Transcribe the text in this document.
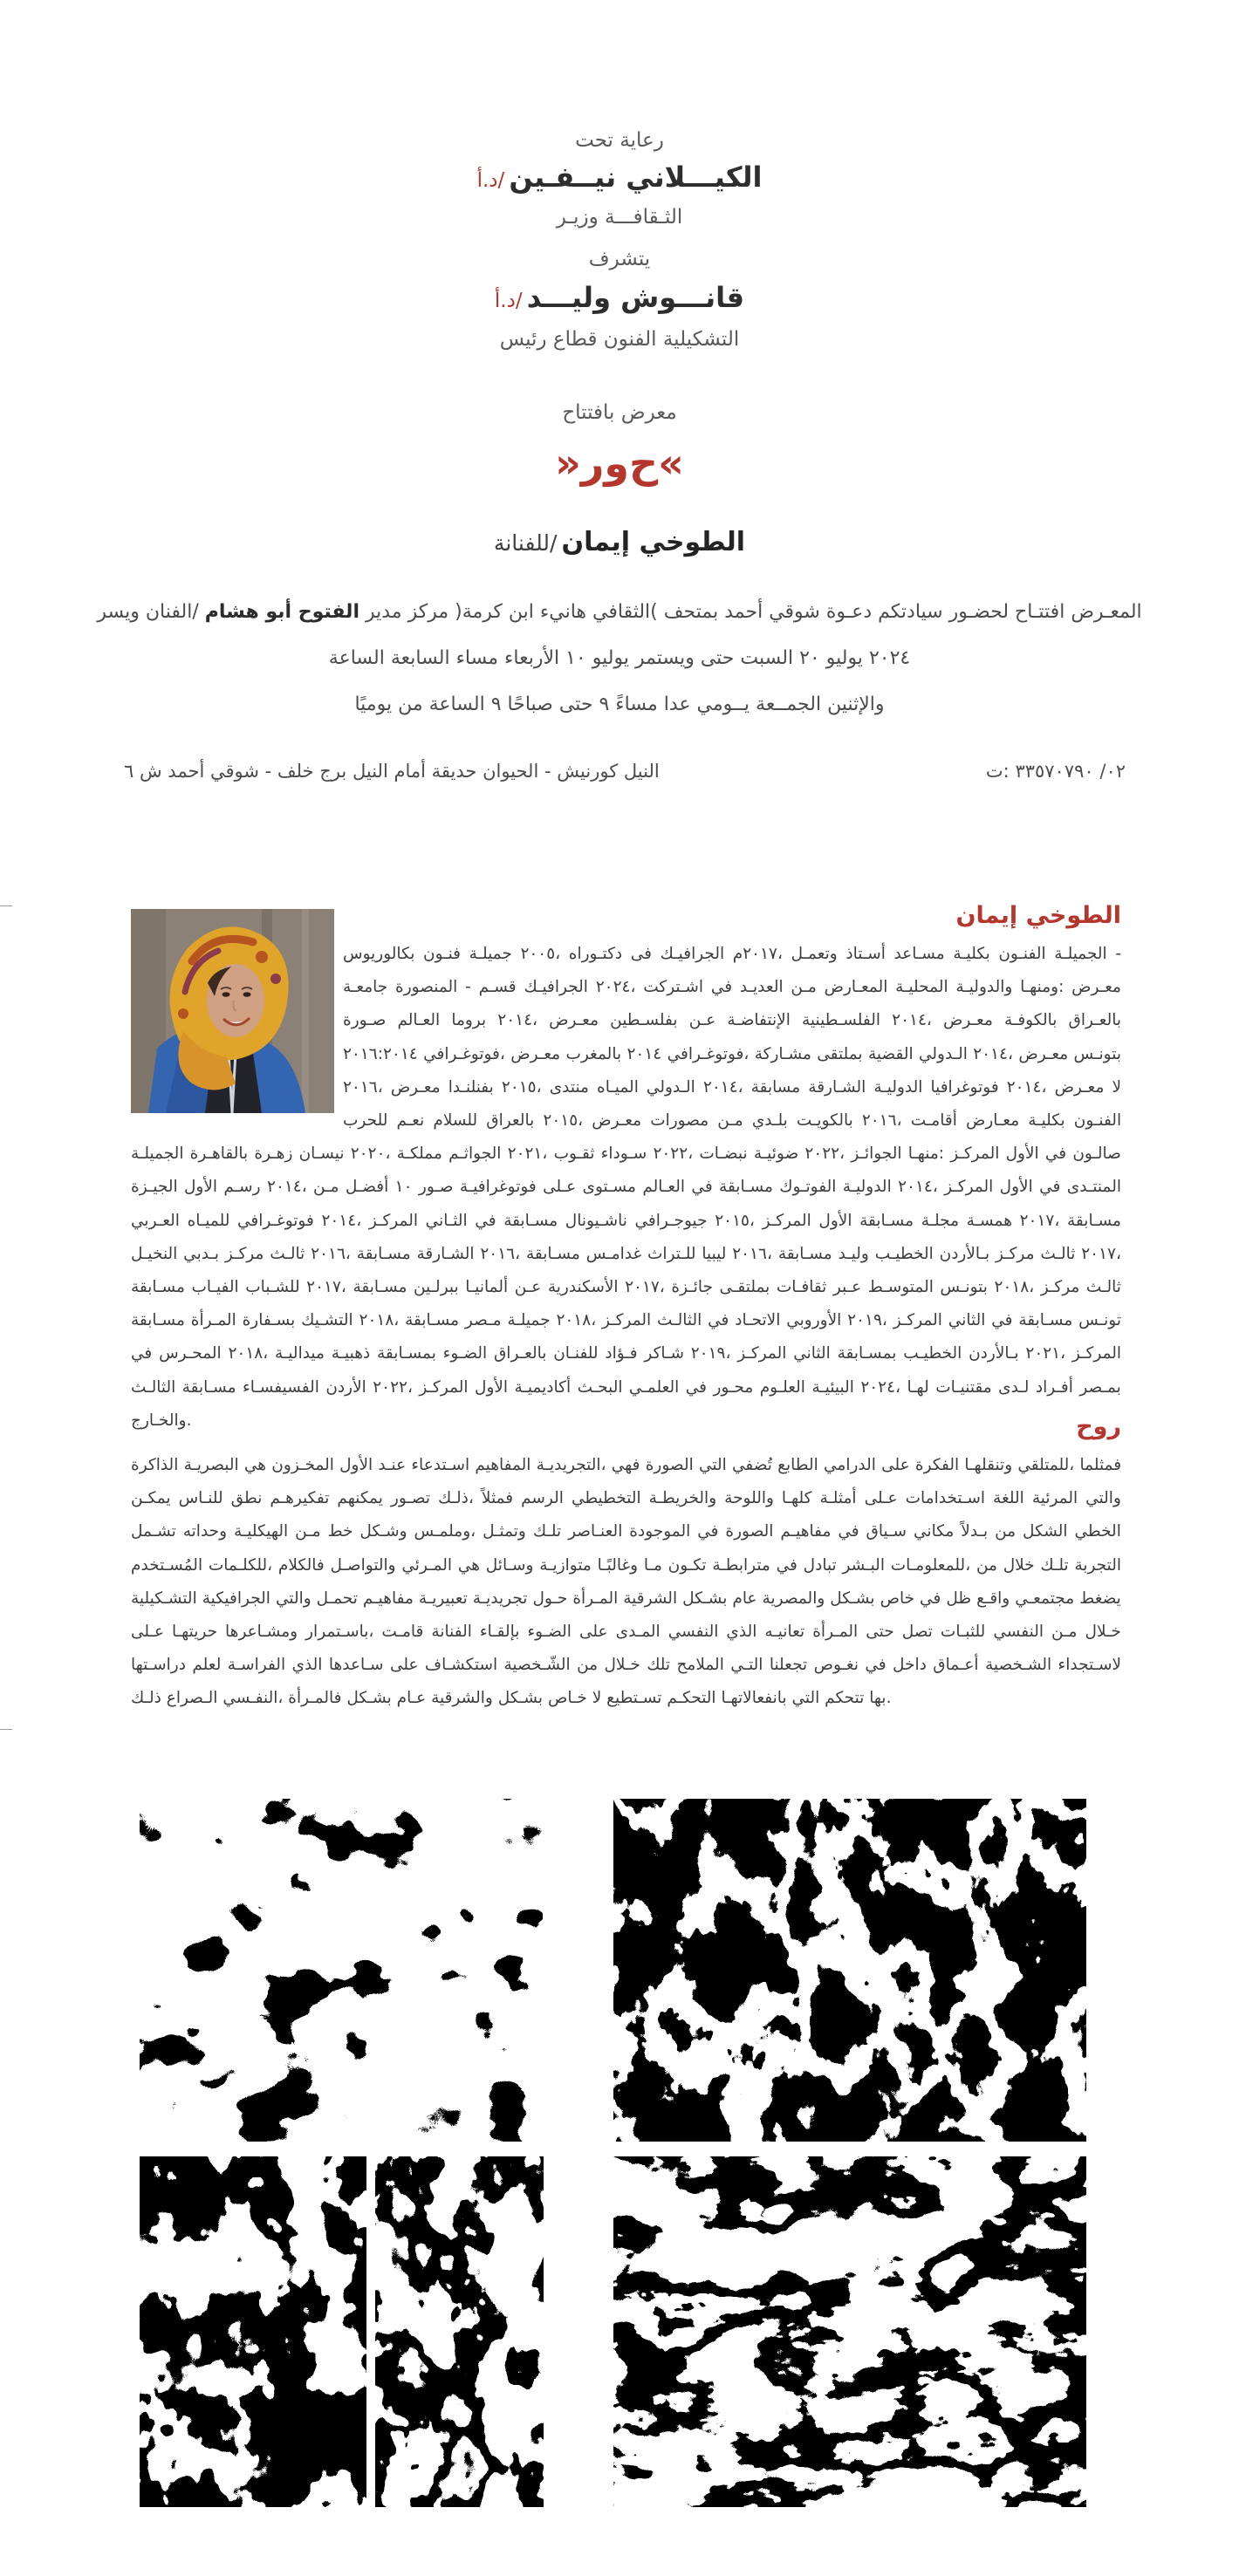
تحت رعاية
أ.د/ نيــفـين الكيـــلاني
وزيـر الثـقافـــة
يتشرف
أ.د/ وليـــد قانـــوش
رئيس قطاع الفنون التشكيلية
بافتتاح معرض
«روح»
للفنانة/ إيمان الطوخي
ويسر الفنان/ هشام أبو الفتوح مدير مركز (كرمة ابن هانيء الثقافي) بمتحف أحمد شوقي دعـوة سيادتكم لحضـور افتتـاح المعـرض
الساعة السابعة مساء الأربعاء ١٠ يوليو ويستمر حتى السبت ٢٠ يوليو ٢٠٢٤
يوميًا من الساعة ٩ صباحًا حتى ٩ مساءً عدا يــومي الجمــعة والإثنين
٦ ش أحمد شوقي - خلف برج النيل أمام حديقة الحيوان - كورنيش النيل	ت: ٣٣٥٧٠٧٩٠ /٠٢
إيمان الطوخي

بكالوريوس فنـون جميلـة ٢٠٠٥، دكتـوراه فى الجرافيـك ٢٠١٧م، وتعمـل أسـتاذ مسـاعد بكليـة الفنـون الجميلـة - جامعـة المنصورة - قسـم الجرافيـك ٢٠٢٤، اشـتركت في العديـد مـن المعـارض المحليـة والدوليـة ومنهـا: معـرض صـورة العـالم بروما ٢٠١٤، معـرض بفلسـطين عـن الإنتفاضـة الفلسـطينية ٢٠١٤، معـرض بالكوفـة بالعـراق ٢٠١٦:٢٠١٤ فوتوغـرافي، معـرض بالمغرب ٢٠١٤ فوتوغـرافي، مشـاركة بملتقى القضية الـدولي ٢٠١٤، معـرض بتونـس ٢٠١٦، معـرض بفنلنـدا ٢٠١٥، منتدى الميـاه الـدولي ٢٠١٤، مسابقة الشـارقة الدوليـة فوتوغرافيا ٢٠١٤، معـرض لا للحرب نعـم للسلام بالعراق ٢٠١٥، معـرض مصورات مـن بلـدي بالكويـت ٢٠١٦، أقامـت معـارض بكليـة الفنـون الجميلـة بالقاهـرة زهـرة نيسـان ٢٠٢٠، مملكـة الجواثـم ٢٠٢١، ثقـوب سـوداء ٢٠٢٢، نبضـات ضوئيـة ٢٠٢٢، الجوائـز منهـا: المركـز الأول في صالـون الجيـزة الأول رسـم ٢٠١٤، مـن أفضـل ١٠ صـور فوتوغرافيـة عـلى مسـتوى العـالم في مسـابقة الفوتـوك الدوليـة ٢٠١٤، المركـز الأول في المنتـدى العـربي للميـاه فوتوغـرافي ٢٠١٤، المركـز الثـاني في مسـابقة ناشـيونال جيوجـرافي ٢٠١٥، المركـز الأول مسـابقة مجلـة همسـة ٢٠١٧، مسـابقة النخيـل بـدبي مركـز ثالـث ٢٠١٦، مسـابقة الشـارقة ٢٠١٦، مسـابقة غدامـس للـتراث ليبيا ٢٠١٦، مسـابقة وليـد الخطيـب بـالأردن مركـز ثالـث ٢٠١٧، مسـابقة الفيـاب للشـباب ٢٠١٧، مسـابقة ببرلـين ألمانيـا عـن الأسكندرية ٢٠١٧، جائـزة بملتقـى ثقافـات عـبر المتوسـط بتونـس ٢٠١٨، مركـز ثالـث مسـابقة المـرأة بسـفارة التشـيك ٢٠١٨، مسـابقة مـصر جميلـة ٢٠١٨، المركـز الثالـث في الاتحـاد الأوروبي ٢٠١٩، المركـز الثاني في مسـابقة تونـس في المحـرس ٢٠١٨، ميداليـة ذهبيـة بمسـابقة الضـوء بالعـراق للفنـان فـؤاد شـاكر ٢٠١٩، المركـز الثاني بمسـابقة الخطيـب بـالأردن ٢٠٢١، المركـز الثالـث مسـابقة الفسيفسـاء الأردن ٢٠٢٢، المركـز الأول أكاديميـة البحـث العلمـي في محـور العلـوم البيئيـة ٢٠٢٤، لهـا مقتنيـات لـدى أفـراد بمـصر والخـارج.	روح

الذاكرة البصريـة هي المخـزون الأول عنـد اسـتدعاء المفاهيم التجريديـة، فهي الصورة التي تُضفي الطابع الدرامي على الفكرة وتنقلهـا للمتلقي، فمثلما يمكـن للنـاس نطق تفكيرهـم يمكنهم تصـور ذلـك، فمثلاً الرسم التخطيطي والخريطـة واللوحة كلهـا أمثلـة عـلى اسـتخدامات اللغة المرئية والتي تشـمل وحداته الهيكليـة مـن خط وشـكل وملمـس، وتمثـل تلـك العنـاصر الموجودة في الصورة مفاهيـم في سـياق مكاني بـدلاً من الشكل الخطي المُسـتخدم للكلـمات، فالكلام والتواصـل المـرئي هي وسـائل متوازيـة وغالبًـا مـا تكـون مترابطـة في تبادل البـشر للمعلومـات، من خلال تلـك التجربة التشـكيلية الجرافيكية والتي تحمـل مفاهيـم تعبيريـة تجريديـة حـول المـرأة الشرقية بشـكل عام والمصرية بشـكل خاص في ظل واقـع مجتمعـي يضغط عـلى حريتهـا ومشـاعرها باسـتمرار، قامـت الفنانة بإلقـاء الضـوء على المـدى النفسي الذي تعانيـه المـرأة حتى تصل للثبـات النفسي مـن خـلال دراسـتها لعلم الفراسـة الذي سـاعدها على استكشـاف الشّـخصية من خـلال تلك الملامح التـي تجعلنا نغـوص في داخل أعـماق الشـخصية لاسـتجداء ذلـك الـصراع النفـسي، فالمـرأة بشـكل عـام والشرقية بشـكل خـاص لا تسـتطيع التحكـم بانفعالاتهـا التي تتحكم بها.
